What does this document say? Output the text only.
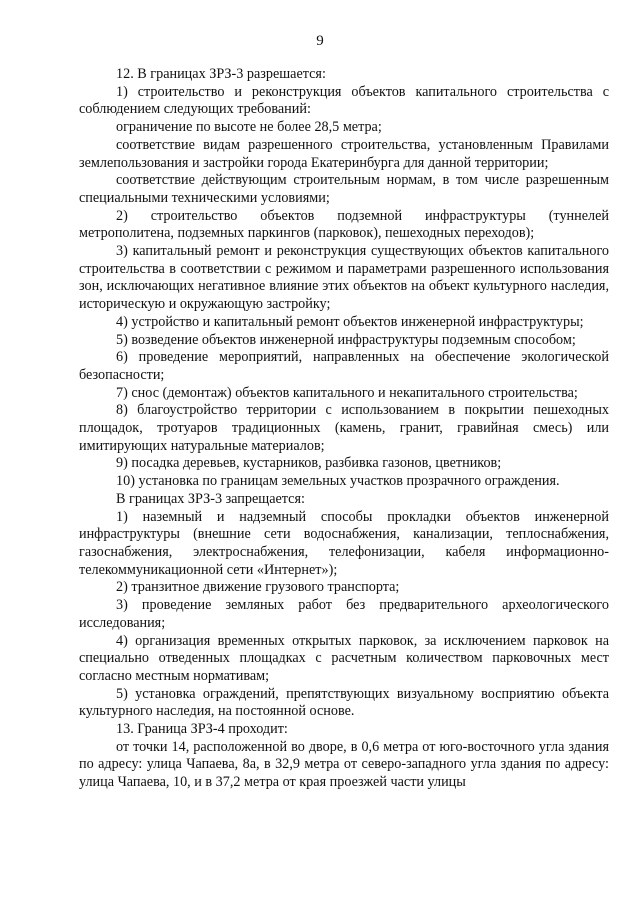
9

12. В границах ЗРЗ-3 разрешается:

1) строительство и реконструкция объектов капитального строительства с соблюдением следующих требований:

ограничение по высоте не более 28,5 метра;

соответствие видам разрешенного строительства, установленным Правилами землепользования и застройки города Екатеринбурга для данной территории;

соответствие действующим строительным нормам, в том числе разрешенным специальными техническими условиями;

2) строительство объектов подземной инфраструктуры (туннелей метрополитена, подземных паркингов (парковок), пешеходных переходов);

3) капитальный ремонт и реконструкция существующих объектов капитального строительства в соответствии с режимом и параметрами разрешенного использования зон, исключающих негативное влияние этих объектов на объект культурного наследия, историческую и окружающую застройку;

4) устройство и капитальный ремонт объектов инженерной инфраструктуры;

5) возведение объектов инженерной инфраструктуры подземным способом;

6) проведение мероприятий, направленных на обеспечение экологической безопасности;

7) снос (демонтаж) объектов капитального и некапитального строительства;

8) благоустройство территории с использованием в покрытии пешеходных площадок, тротуаров традиционных (камень, гранит, гравийная смесь) или имитирующих натуральные материалов;

9) посадка деревьев, кустарников, разбивка газонов, цветников;

10) установка по границам земельных участков прозрачного ограждения.

В границах ЗРЗ-3 запрещается:

1) наземный и надземный способы прокладки объектов инженерной инфраструктуры (внешние сети водоснабжения, канализации, теплоснабжения, газоснабжения, электроснабжения, телефонизации, кабеля информационно-телекоммуникационной сети «Интернет»);

2) транзитное движение грузового транспорта;

3) проведение земляных работ без предварительного археологического исследования;

4) организация временных открытых парковок, за исключением парковок на специально отведенных площадках с расчетным количеством парковочных мест согласно местным нормативам;

5) установка ограждений, препятствующих визуальному восприятию объекта культурного наследия, на постоянной основе.

13. Граница ЗРЗ-4 проходит:

от точки 14, расположенной во дворе, в 0,6 метра от юго-восточного угла здания по адресу: улица Чапаева, 8а, в 32,9 метра от северо-западного угла здания по адресу: улица Чапаева, 10, и в 37,2 метра от края проезжей части улицы
